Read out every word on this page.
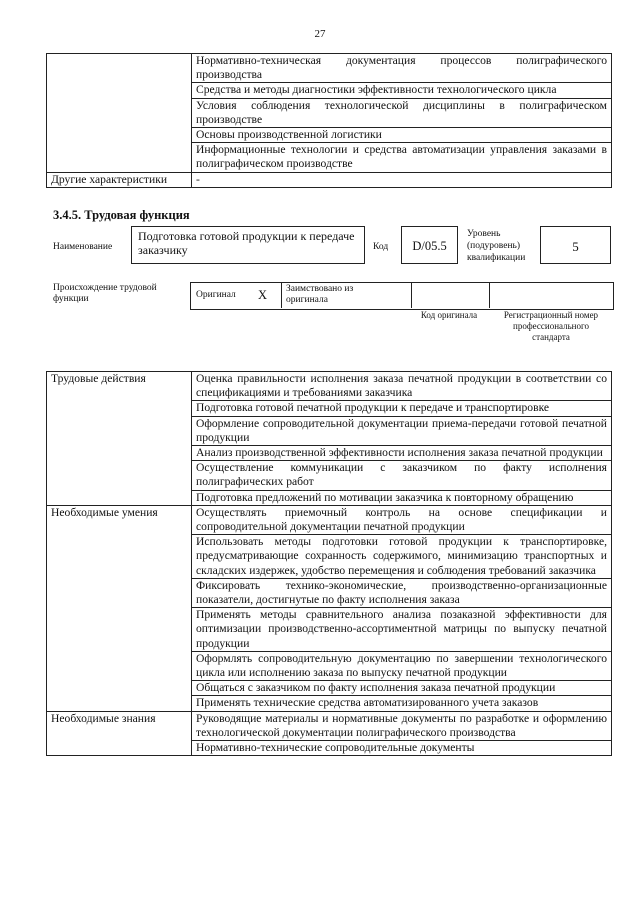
27
	Нормативно-техническая документация процессов полиграфического производства
	Средства и методы диагностики эффективности технологического цикла
	Условия соблюдения технологической дисциплины в полиграфическом производстве
	Основы производственной логистики
	Информационные технологии и средства автоматизации управления заказами в полиграфическом производстве
Другие характеристики	-
3.4.5. Трудовая функция
Наименование
Подготовка готовой продукции к передаче заказчику	Код	D/05.5
Уровень (подуровень) квалификации
5
Происхождение трудовой функции	Оригинал X Заимствовано из оригинала
Код оригинала	Регистрационный номер профессионального стандарта
Трудовые действия	Оценка правильности исполнения заказа печатной продукции в соответствии со спецификациями и требованиями заказчика
	Подготовка готовой печатной продукции к передаче и транспортировке
	Оформление сопроводительной документации приема-передачи готовой печатной продукции
	Анализ производственной эффективности исполнения заказа печатной продукции
	Осуществление коммуникации с заказчиком по факту исполнения полиграфических работ
	Подготовка предложений по мотивации заказчика к повторному обращению
Необходимые умения	Осуществлять приемочный контроль на основе спецификации и сопроводительной документации печатной продукции
	Использовать методы подготовки готовой продукции к транспортировке, предусматривающие сохранность содержимого, минимизацию транспортных и складских издержек, удобство перемещения и соблюдения требований заказчика
	Фиксировать технико-экономические, производственно-организационные показатели, достигнутые по факту исполнения заказа
	Применять методы сравнительного анализа позаказной эффективности для оптимизации производственно-ассортиментной матрицы по выпуску печатной продукции
	Оформлять сопроводительную документацию по завершении технологического цикла или исполнению заказа по выпуску печатной продукции
	Общаться с заказчиком по факту исполнения заказа печатной продукции
	Применять технические средства автоматизированного учета заказов
Необходимые знания	Руководящие материалы и нормативные документы по разработке и оформлению технологической документации полиграфического производства
	Нормативно-технические сопроводительные документы
